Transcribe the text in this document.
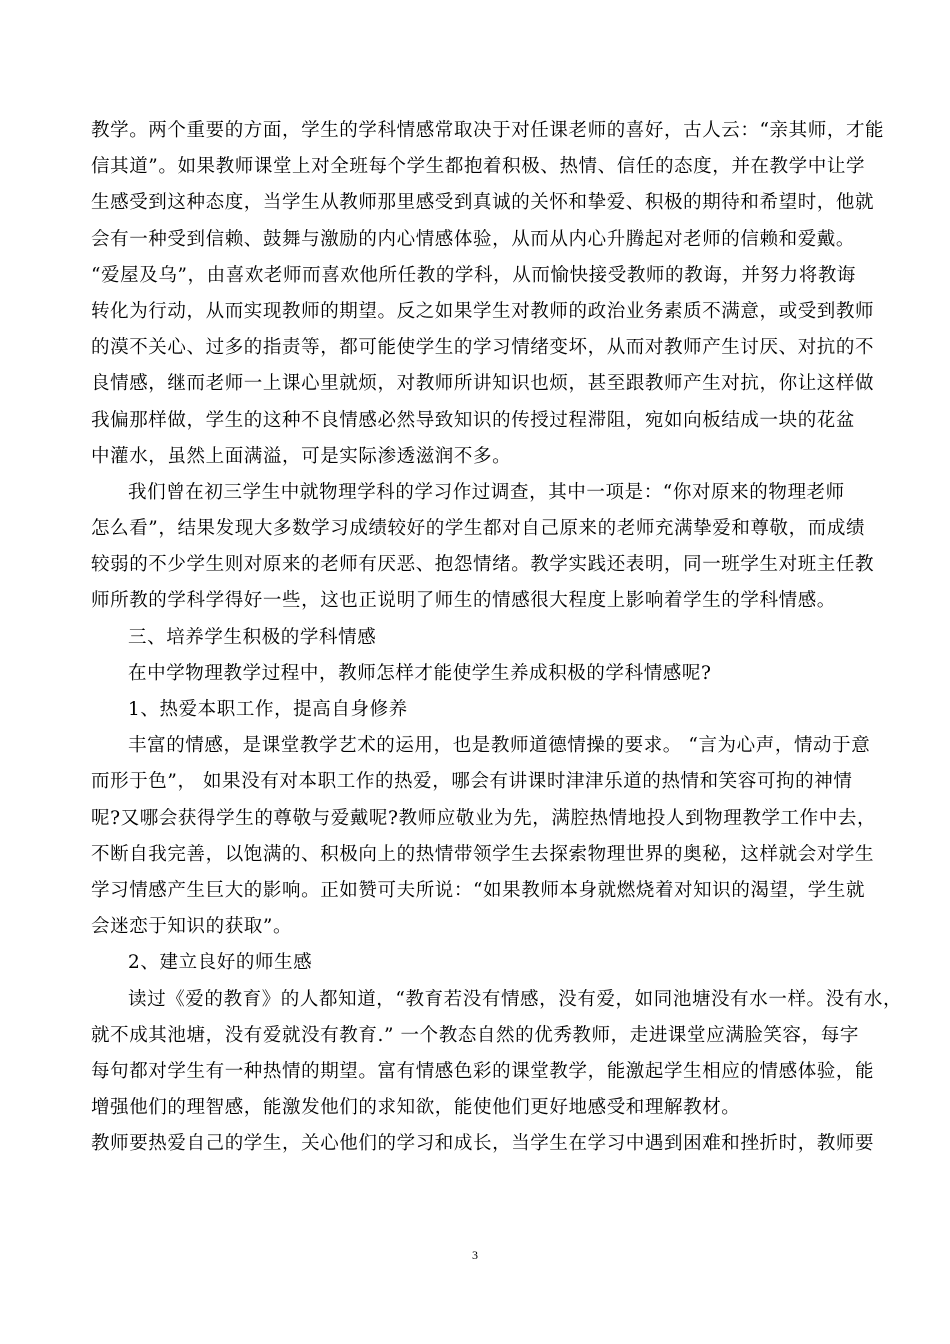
教学。两个重要的方面，学生的学科情感常取决于对任课老师的喜好，古人云：“亲其师，才能
信其道”。如果教师课堂上对全班每个学生都抱着积极、热情、信任的态度，并在教学中让学
生感受到这种态度，当学生从教师那里感受到真诚的关怀和挚爱、积极的期待和希望时，他就
会有一种受到信赖、鼓舞与激励的内心情感体验，从而从内心升腾起对老师的信赖和爱戴。
“爱屋及乌”，由喜欢老师而喜欢他所任教的学科，从而愉快接受教师的教诲，并努力将教诲
转化为行动，从而实现教师的期望。反之如果学生对教师的政治业务素质不满意，或受到教师
的漠不关心、过多的指责等，都可能使学生的学习情绪变坏，从而对教师产生讨厌、对抗的不
良情感，继而老师一上课心里就烦，对教师所讲知识也烦，甚至跟教师产生对抗，你让这样做
我偏那样做，学生的这种不良情感必然导致知识的传授过程滞阻，宛如向板结成一块的花盆
中灌水，虽然上面满溢，可是实际渗透滋润不多。
我们曾在初三学生中就物理学科的学习作过调查，其中一项是：“你对原来的物理老师
怎么看”，结果发现大多数学习成绩较好的学生都对自己原来的老师充满挚爱和尊敬，而成绩
较弱的不少学生则对原来的老师有厌恶、抱怨情绪。教学实践还表明，同一班学生对班主任教
师所教的学科学得好一些，这也正说明了师生的情感很大程度上影响着学生的学科情感。
三、培养学生积极的学科情感
在中学物理教学过程中，教师怎样才能使学生养成积极的学科情感呢?
1、热爱本职工作，提高自身修养
丰富的情感，是课堂教学艺术的运用，也是教师道德情操的要求。 “言为心声，情动于意
而形于色”， 如果没有对本职工作的热爱，哪会有讲课时津津乐道的热情和笑容可拘的神情
呢?又哪会获得学生的尊敬与爱戴呢?教师应敬业为先，满腔热情地投人到物理教学工作中去，
不断自我完善，以饱满的、积极向上的热情带领学生去探索物理世界的奥秘，这样就会对学生
学习情感产生巨大的影响。正如赞可夫所说：“如果教师本身就燃烧着对知识的渴望，学生就
会迷恋于知识的获取”。
2、建立良好的师生感
读过《爱的教育》的人都知道，“教育若没有情感，没有爱，如同池塘没有水一样。没有水，
就不成其池塘，没有爱就没有教育.” 一个教态自然的优秀教师，走进课堂应满脸笑容，每字
每句都对学生有一种热情的期望。富有情感色彩的课堂教学，能激起学生相应的情感体验，能
增强他们的理智感，能激发他们的求知欲，能使他们更好地感受和理解教材。
教师要热爱自己的学生，关心他们的学习和成长，当学生在学习中遇到困难和挫折时，教师要
3
